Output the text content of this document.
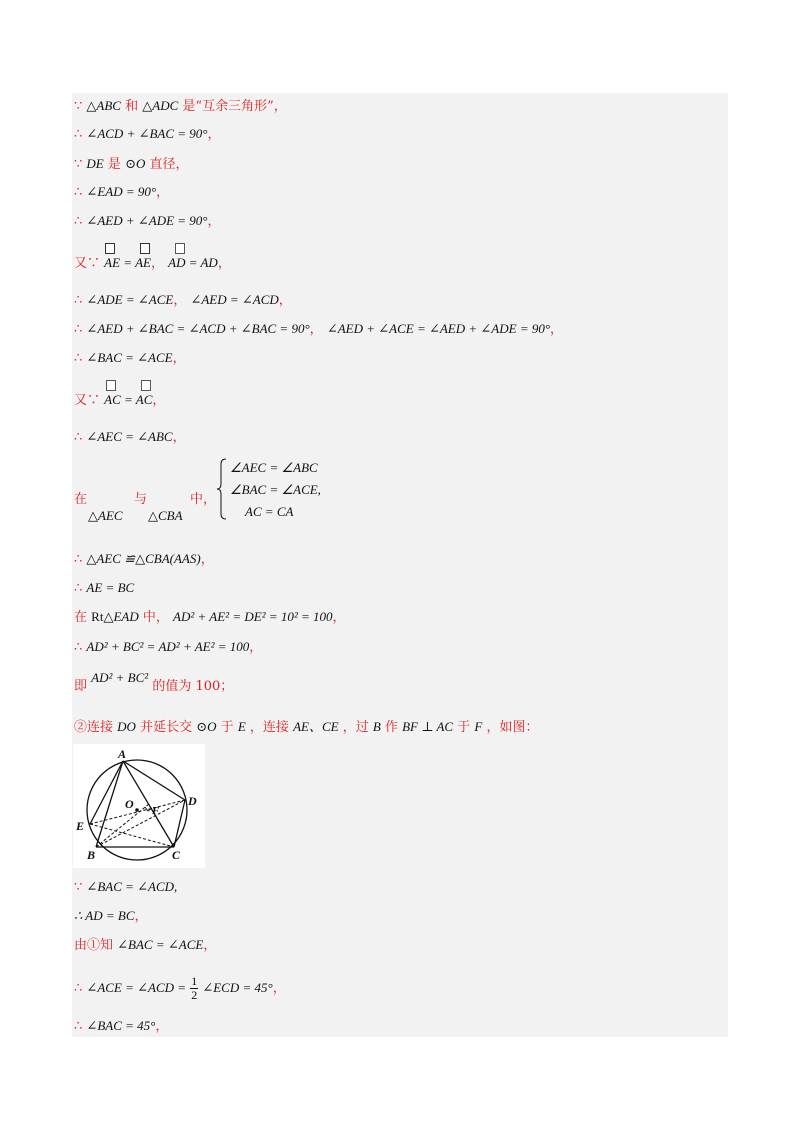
∵ △ABC 和 △ADC 是“互余三角形”，
∴ ∠ACD + ∠BAC = 90°，
∵ DE 是 ⊙O 直径，
∴ ∠EAD = 90°，
∴ ∠AED + ∠ADE = 90°，
又∵ AE = AE， AD = AD，
∴ ∠ADE = ∠ACE， ∠AED = ∠ACD，
∴ ∠AED + ∠BAC = ∠ACD + ∠BAC = 90°， ∠AED + ∠ACE = ∠AED + ∠ADE = 90°，
∴ ∠BAC = ∠ACE，
又∵ AC = AC，
∴ ∠AEC = ∠ABC，
在	与	中，
△AEC △CBA
∠AEC = ∠ABC
∠BAC = ∠ACE,
AC = CA
∴ △AEC ≌△CBA(AAS)，
∴ AE = BC
在 Rt△EAD 中， AD² + AE² = DE² = 10² = 100，
∴ AD² + BC² = AD² + AE² = 100，
即 AD² + BC² 的值为 100；
②连接 DO 并延长交 ⊙O 于 E ，连接 AE、CE ，过 B 作 BF ⊥ AC 于 F ，如图：
A
B	C
D
E
O F
∵ ∠BAC = ∠ACD,
∴ AD = BC，
由①知 ∠BAC = ∠ACE，
∴ ∠ACE = ∠ACD = $\frac{1}{2}$ ∠ECD = 45°，
∴ ∠BAC = 45°，
